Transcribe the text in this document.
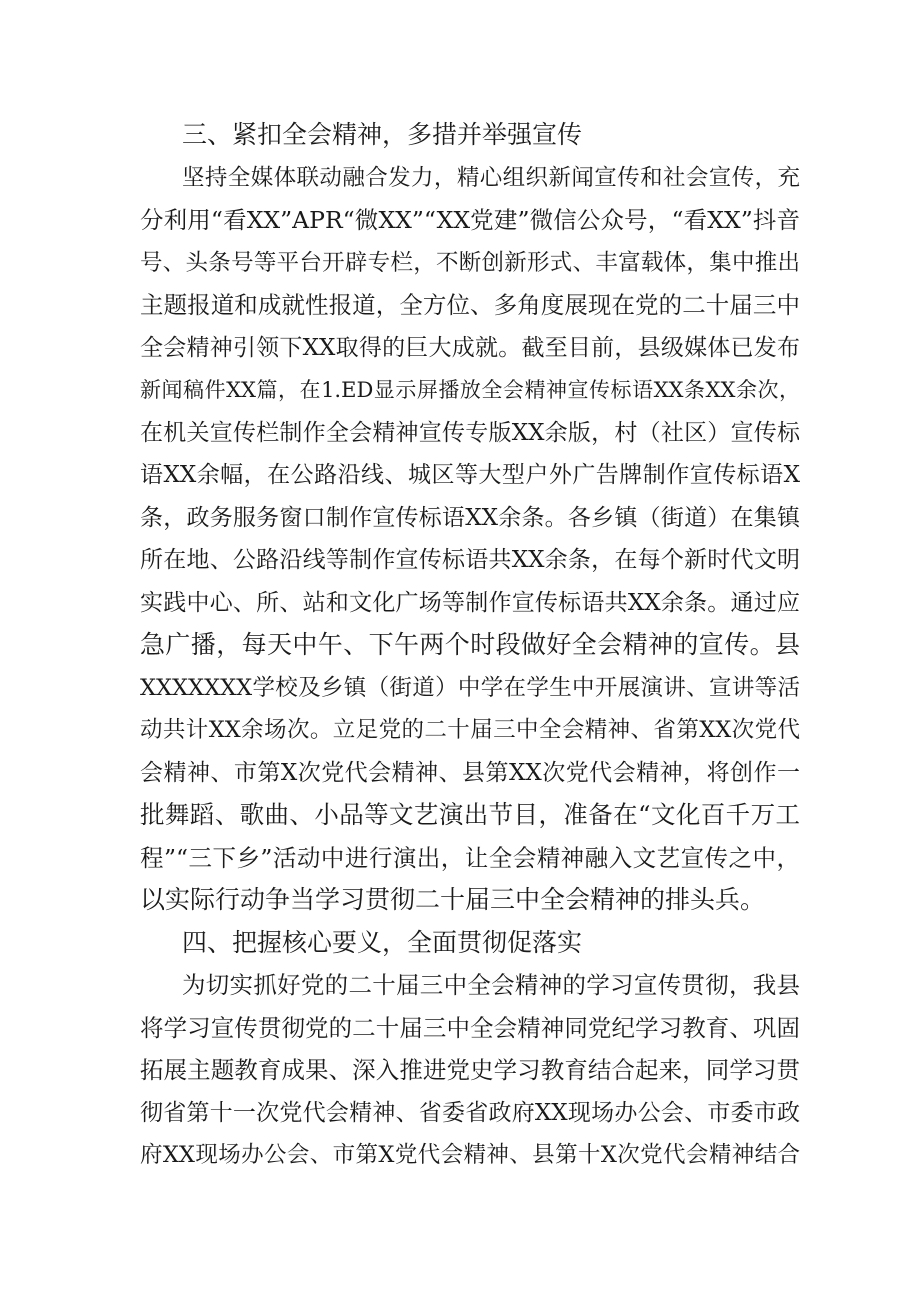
三、紧扣全会精神，多措并举强宣传

坚持全媒体联动融合发力，精心组织新闻宣传和社会宣传，充

分利用“看XX”APR“微XX”“XX党建”微信公众号，“看XX”抖音

号、头条号等平台开辟专栏，不断创新形式、丰富载体，集中推出

主题报道和成就性报道，全方位、多角度展现在党的二十届三中

全会精神引领下XX取得的巨大成就。截至目前，县级媒体已发布

新闻稿件XX篇，在1.ED显示屏播放全会精神宣传标语XX条XX余次，

在机关宣传栏制作全会精神宣传专版XX余版，村（社区）宣传标

语XX余幅，在公路沿线、城区等大型户外广告牌制作宣传标语X

条，政务服务窗口制作宣传标语XX余条。各乡镇（街道）在集镇

所在地、公路沿线等制作宣传标语共XX余条，在每个新时代文明

实践中心、所、站和文化广场等制作宣传标语共XX余条。通过应

急广播，每天中午、下午两个时段做好全会精神的宣传。县

XXXXXXX学校及乡镇（街道）中学在学生中开展演讲、宣讲等活

动共计XX余场次。立足党的二十届三中全会精神、省第XX次党代

会精神、市第X次党代会精神、县第XX次党代会精神，将创作一

批舞蹈、歌曲、小品等文艺演出节目，准备在“文化百千万工

程”“三下乡”活动中进行演出，让全会精神融入文艺宣传之中，

以实际行动争当学习贯彻二十届三中全会精神的排头兵。

四、把握核心要义，全面贯彻促落实

为切实抓好党的二十届三中全会精神的学习宣传贯彻，我县

将学习宣传贯彻党的二十届三中全会精神同党纪学习教育、巩固

拓展主题教育成果、深入推进党史学习教育结合起来，同学习贯

彻省第十一次党代会精神、省委省政府XX现场办公会、市委市政

府XX现场办公会、市第X党代会精神、县第十X次党代会精神结合
